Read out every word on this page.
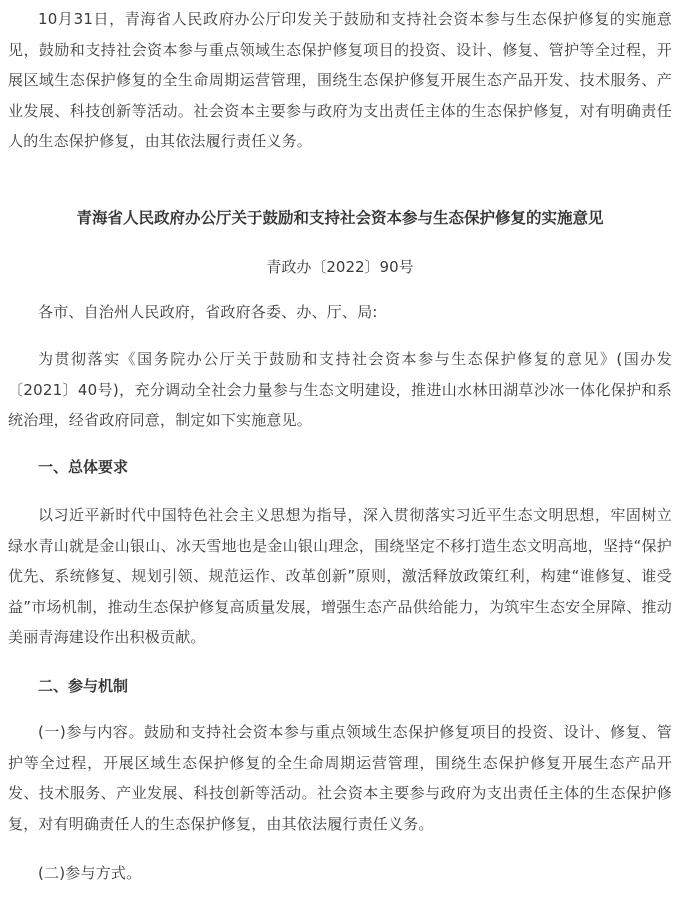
10月31日，青海省人民政府办公厅印发关于鼓励和支持社会资本参与生态保护修复的实施意见，鼓励和支持社会资本参与重点领域生态保护修复项目的投资、设计、修复、管护等全过程，开展区域生态保护修复的全生命周期运营管理，围绕生态保护修复开展生态产品开发、技术服务、产业发展、科技创新等活动。社会资本主要参与政府为支出责任主体的生态保护修复，对有明确责任人的生态保护修复，由其依法履行责任义务。

青海省人民政府办公厅关于鼓励和支持社会资本参与生态保护修复的实施意见

青政办〔2022〕90号

各市、自治州人民政府，省政府各委、办、厅、局:

为贯彻落实《国务院办公厅关于鼓励和支持社会资本参与生态保护修复的意见》(国办发〔2021〕40号)，充分调动全社会力量参与生态文明建设，推进山水林田湖草沙冰一体化保护和系统治理，经省政府同意，制定如下实施意见。

一、总体要求

以习近平新时代中国特色社会主义思想为指导，深入贯彻落实习近平生态文明思想，牢固树立绿水青山就是金山银山、冰天雪地也是金山银山理念，围绕坚定不移打造生态文明高地，坚持“保护优先、系统修复、规划引领、规范运作、改革创新”原则，激活释放政策红利，构建“谁修复、谁受益”市场机制，推动生态保护修复高质量发展，增强生态产品供给能力，为筑牢生态安全屏障、推动美丽青海建设作出积极贡献。

二、参与机制

(一)参与内容。鼓励和支持社会资本参与重点领域生态保护修复项目的投资、设计、修复、管护等全过程，开展区域生态保护修复的全生命周期运营管理，围绕生态保护修复开展生态产品开发、技术服务、产业发展、科技创新等活动。社会资本主要参与政府为支出责任主体的生态保护修复，对有明确责任人的生态保护修复，由其依法履行责任义务。

(二)参与方式。
